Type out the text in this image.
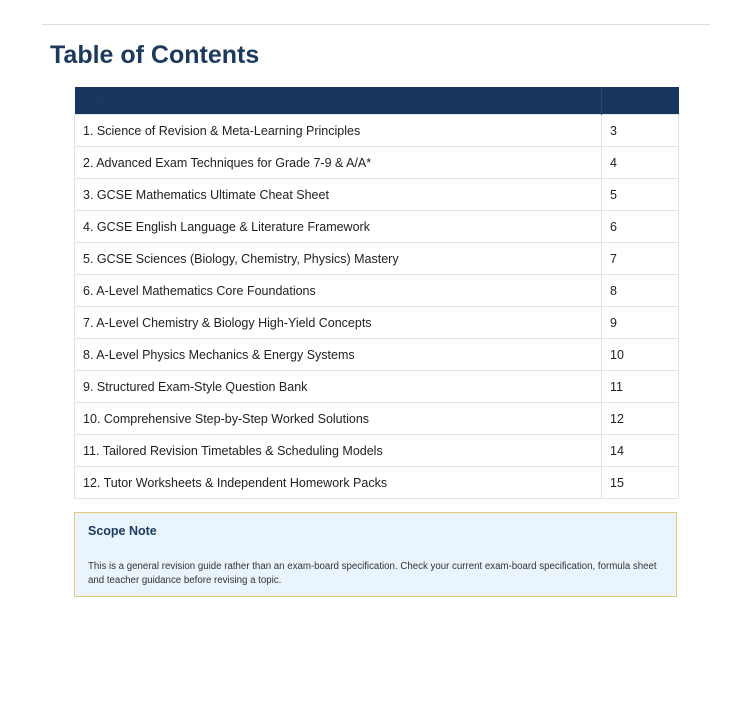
Table of Contents
Section	Page
1. Science of Revision & Meta-Learning Principles	3
2. Advanced Exam Techniques for Grade 7-9 & A/A*	4
3. GCSE Mathematics Ultimate Cheat Sheet	5
4. GCSE English Language & Literature Framework	6
5. GCSE Sciences (Biology, Chemistry, Physics) Mastery	7
6. A-Level Mathematics Core Foundations	8
7. A-Level Chemistry & Biology High-Yield Concepts	9
8. A-Level Physics Mechanics & Energy Systems	10
9. Structured Exam-Style Question Bank	11
10. Comprehensive Step-by-Step Worked Solutions	12
11. Tailored Revision Timetables & Scheduling Models	14
12. Tutor Worksheets & Independent Homework Packs	15
Scope Note
This is a general revision guide rather than an exam-board specification. Check your current exam-board specification, formula sheet and teacher guidance before revising a topic.
